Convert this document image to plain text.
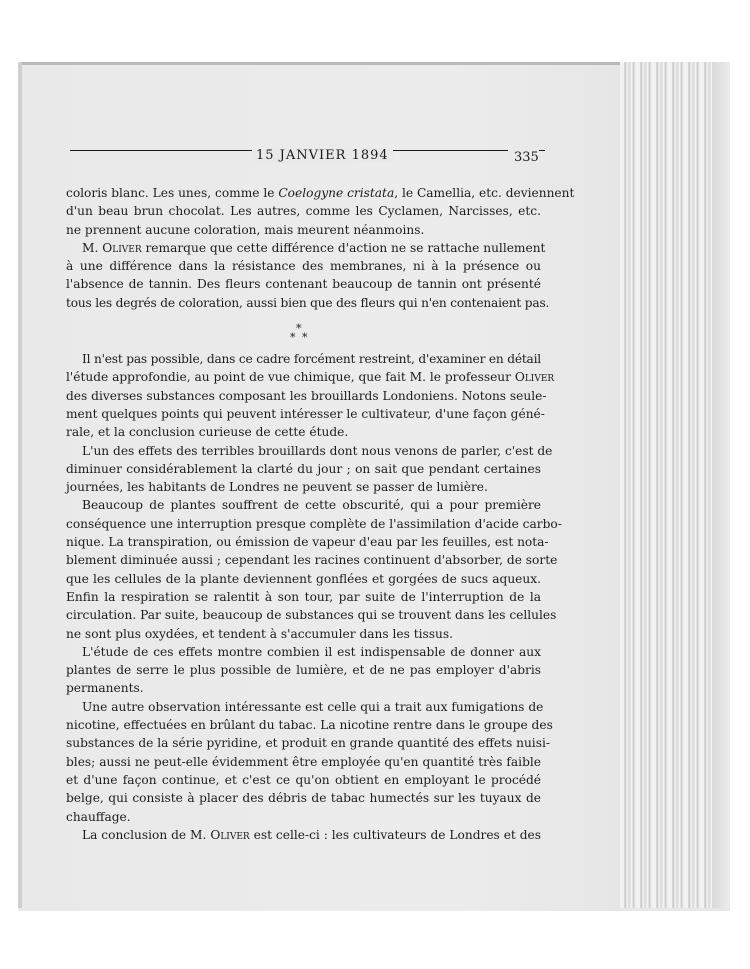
15 JANVIER 1894	335
coloris blanc. Les unes, comme le Coelogyne cristata, le Camellia, etc. deviennent
d'un beau brun chocolat. Les autres, comme les Cyclamen, Narcisses, etc.
ne prennent aucune coloration, mais meurent néanmoins.
M. Oliver remarque que cette différence d'action ne se rattache nullement
à une différence dans la résistance des membranes, ni à la présence ou
l'absence de tannin. Des fleurs contenant beaucoup de tannin ont présenté
tous les degrés de coloration, aussi bien que des fleurs qui n'en contenaient pas.
*
* *
Il n'est pas possible, dans ce cadre forcément restreint, d'examiner en détail
l'étude approfondie, au point de vue chimique, que fait M. le professeur Oliver
des diverses substances composant les brouillards Londoniens. Notons seule-
ment quelques points qui peuvent intéresser le cultivateur, d'une façon géné-
rale, et la conclusion curieuse de cette étude.
L'un des effets des terribles brouillards dont nous venons de parler, c'est de
diminuer considérablement la clarté du jour ; on sait que pendant certaines
journées, les habitants de Londres ne peuvent se passer de lumière.
Beaucoup de plantes souffrent de cette obscurité, qui a pour première
conséquence une interruption presque complète de l'assimilation d'acide carbo-
nique. La transpiration, ou émission de vapeur d'eau par les feuilles, est nota-
blement diminuée aussi ; cependant les racines continuent d'absorber, de sorte
que les cellules de la plante deviennent gonflées et gorgées de sucs aqueux.
Enfin la respiration se ralentit à son tour, par suite de l'interruption de la
circulation. Par suite, beaucoup de substances qui se trouvent dans les cellules
ne sont plus oxydées, et tendent à s'accumuler dans les tissus.
L'étude de ces effets montre combien il est indispensable de donner aux
plantes de serre le plus possible de lumière, et de ne pas employer d'abris
permanents.
Une autre observation intéressante est celle qui a trait aux fumigations de
nicotine, effectuées en brûlant du tabac. La nicotine rentre dans le groupe des
substances de la série pyridine, et produit en grande quantité des effets nuisi-
bles; aussi ne peut-elle évidemment être employée qu'en quantité très faible
et d'une façon continue, et c'est ce qu'on obtient en employant le procédé
belge, qui consiste à placer des débris de tabac humectés sur les tuyaux de
chauffage.
La conclusion de M. Oliver est celle-ci : les cultivateurs de Londres et des
